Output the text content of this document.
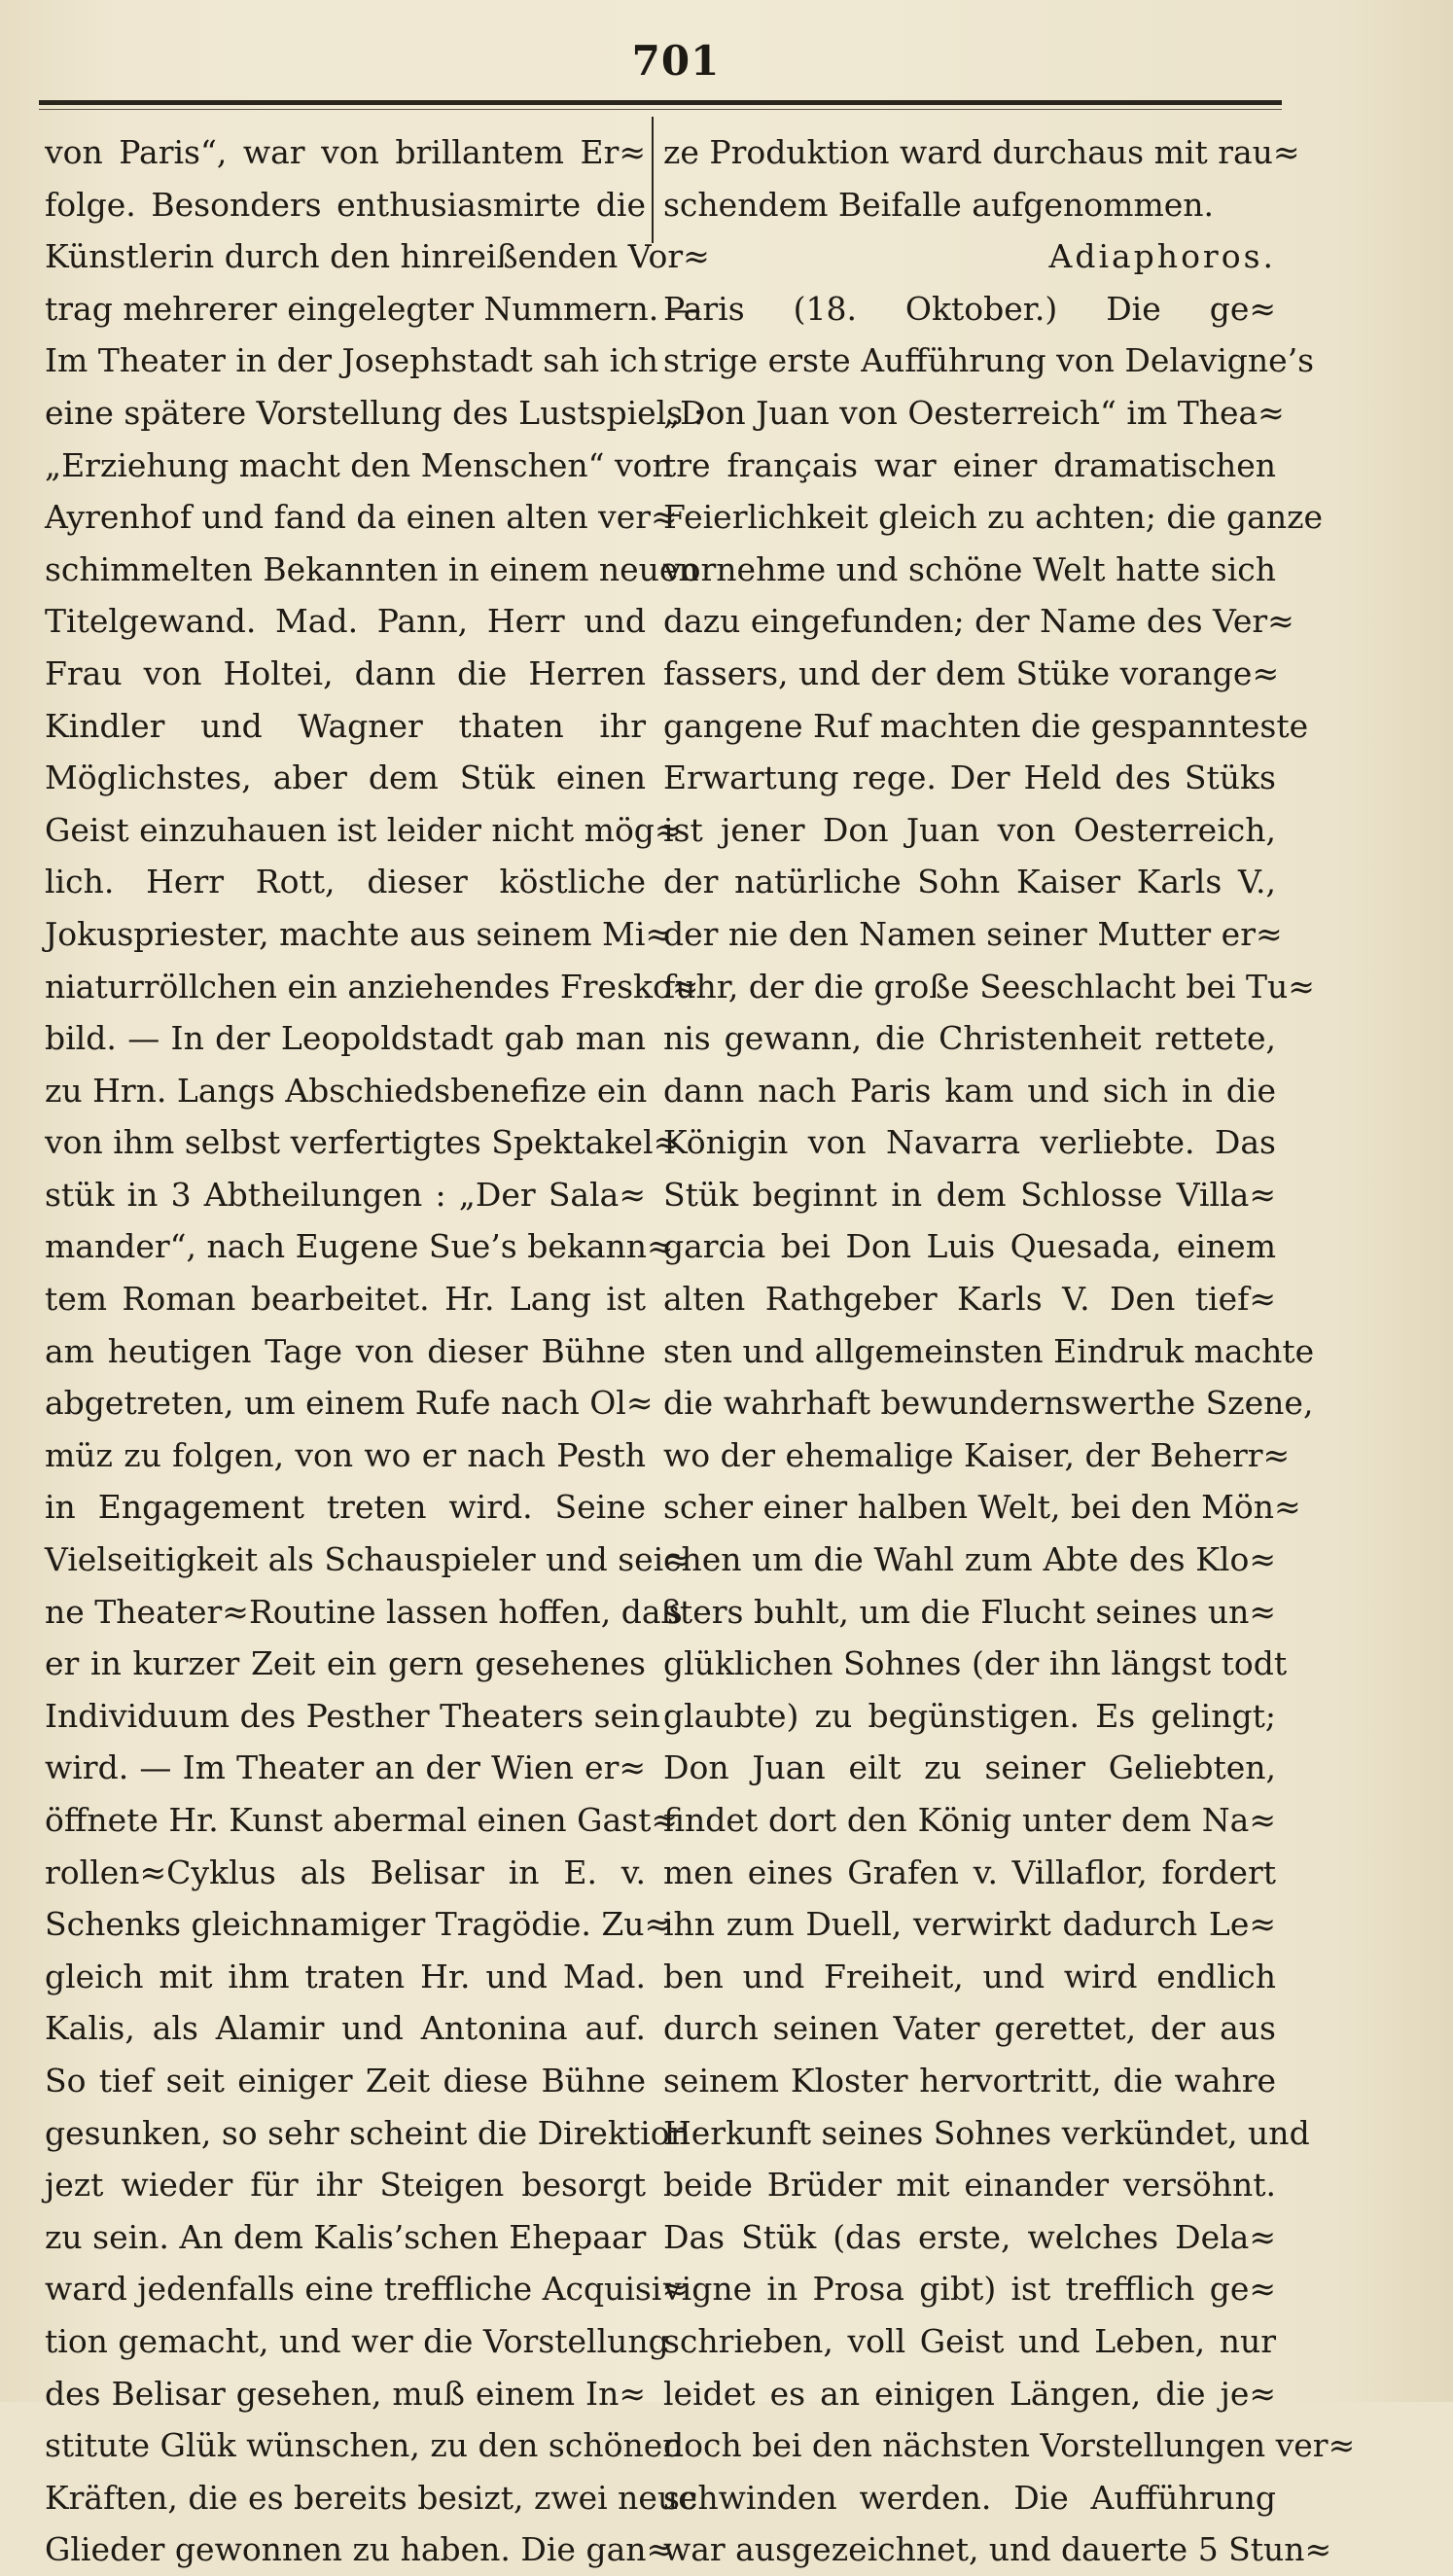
701
von Paris“, war von brillantem Er≈
folge. Besonders enthusiasmirte die
Künstlerin durch den hinreißenden Vor≈
trag mehrerer eingelegter Nummern. —
Im Theater in der Josephstadt sah ich
eine spätere Vorstellung des Lustspiels :
„Erziehung macht den Menschen“ von
Ayrenhof und fand da einen alten ver≈
schimmelten Bekannten in einem neuen
Titelgewand. Mad. Pann, Herr und
Frau von Holtei, dann die Herren
Kindler und Wagner thaten ihr
Möglichstes, aber dem Stük einen
Geist einzuhauen ist leider nicht mög≈
lich. Herr Rott, dieser köstliche
Jokuspriester, machte aus seinem Mi≈
niaturröllchen ein anziehendes Fresko≈
bild. — In der Leopoldstadt gab man
zu Hrn. Langs Abschiedsbenefize ein
von ihm selbst verfertigtes Spektakel≈
stük in 3 Abtheilungen : „Der Sala≈
mander“, nach Eugene Sue’s bekann≈
tem Roman bearbeitet. Hr. Lang ist
am heutigen Tage von dieser Bühne
abgetreten, um einem Rufe nach Ol≈
müz zu folgen, von wo er nach Pesth
in Engagement treten wird. Seine
Vielseitigkeit als Schauspieler und sei≈
ne Theater≈Routine lassen hoffen, daß
er in kurzer Zeit ein gern gesehenes
Individuum des Pesther Theaters sein
wird. — Im Theater an der Wien er≈
öffnete Hr. Kunst abermal einen Gast≈
rollen≈Cyklus als Belisar in E. v.
Schenks gleichnamiger Tragödie. Zu≈
gleich mit ihm traten Hr. und Mad.
Kalis, als Alamir und Antonina auf.
So tief seit einiger Zeit diese Bühne
gesunken, so sehr scheint die Direktion
jezt wieder für ihr Steigen besorgt
zu sein. An dem Kalis’schen Ehepaar
ward jedenfalls eine treffliche Acquisi≈
tion gemacht, und wer die Vorstellung
des Belisar gesehen, muß einem In≈
stitute Glük wünschen, zu den schönen
Kräften, die es bereits besizt, zwei neue
Glieder gewonnen zu haben. Die gan≈
ze Produktion ward durchaus mit rau≈
schendem Beifalle aufgenommen.
Adiaphoros.
Paris (18. Oktober.) Die ge≈
strige erste Aufführung von Delavigne’s
„Don Juan von Oesterreich“ im Thea≈
tre français war einer dramatischen
Feierlichkeit gleich zu achten; die ganze
vornehme und schöne Welt hatte sich
dazu eingefunden; der Name des Ver≈
fassers, und der dem Stüke vorange≈
gangene Ruf machten die gespannteste
Erwartung rege. Der Held des Stüks
ist jener Don Juan von Oesterreich,
der natürliche Sohn Kaiser Karls V.,
der nie den Namen seiner Mutter er≈
fuhr, der die große Seeschlacht bei Tu≈
nis gewann, die Christenheit rettete,
dann nach Paris kam und sich in die
Königin von Navarra verliebte. Das
Stük beginnt in dem Schlosse Villa≈
garcia bei Don Luis Quesada, einem
alten Rathgeber Karls V. Den tief≈
sten und allgemeinsten Eindruk machte
die wahrhaft bewundernswerthe Szene,
wo der ehemalige Kaiser, der Beherr≈
scher einer halben Welt, bei den Mön≈
chen um die Wahl zum Abte des Klo≈
sters buhlt, um die Flucht seines un≈
glüklichen Sohnes (der ihn längst todt
glaubte) zu begünstigen. Es gelingt;
Don Juan eilt zu seiner Geliebten,
findet dort den König unter dem Na≈
men eines Grafen v. Villaflor, fordert
ihn zum Duell, verwirkt dadurch Le≈
ben und Freiheit, und wird endlich
durch seinen Vater gerettet, der aus
seinem Kloster hervortritt, die wahre
Herkunft seines Sohnes verkündet, und
beide Brüder mit einander versöhnt.
Das Stük (das erste, welches Dela≈
vigne in Prosa gibt) ist trefflich ge≈
schrieben, voll Geist und Leben, nur
leidet es an einigen Längen, die je≈
doch bei den nächsten Vorstellungen ver≈
schwinden werden. Die Aufführung
war ausgezeichnet, und dauerte 5 Stun≈
